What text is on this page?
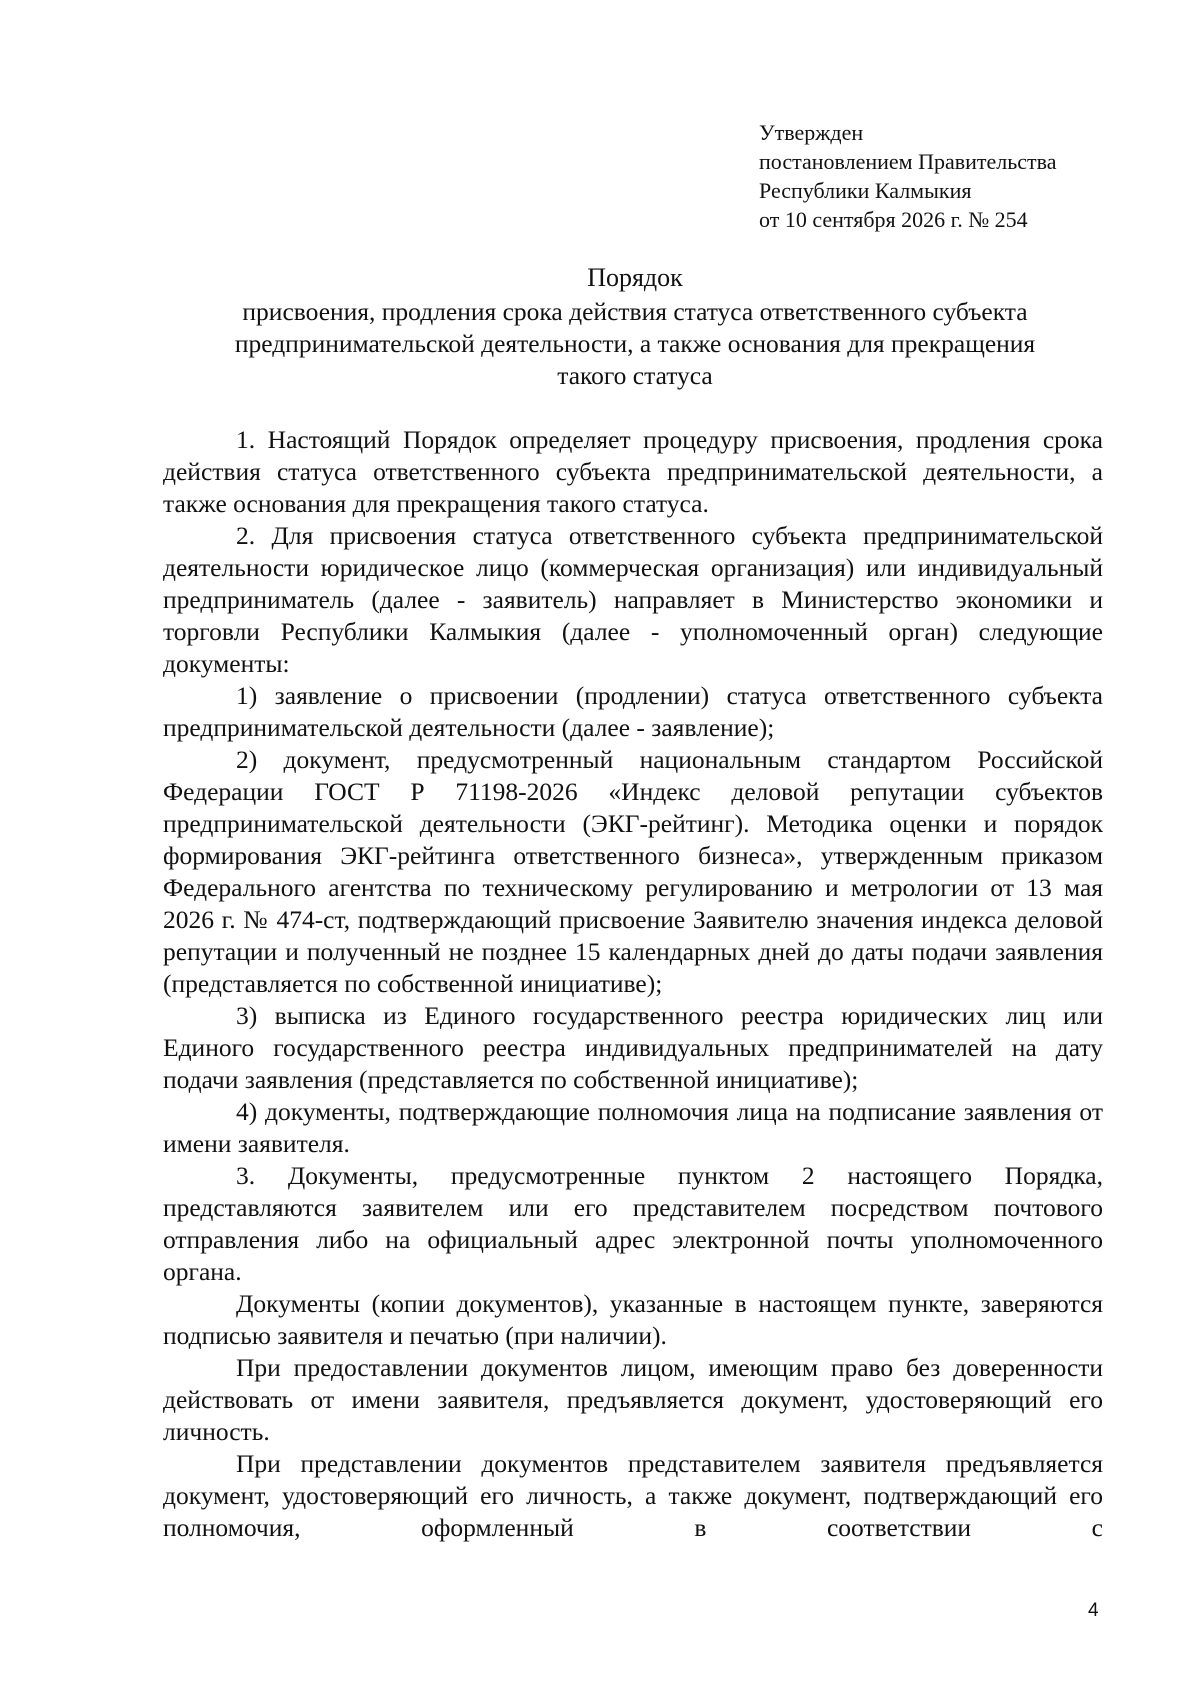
Утвержден
постановлением Правительства
Республики Калмыкия
от 10 сентября 2026 г. № 254
Порядок
присвоения, продления срока действия статуса ответственного субъекта
предпринимательской деятельности, а также основания для прекращения
такого статуса

1. Настоящий Порядок определяет процедуру присвоения, продления срока действия статуса ответственного субъекта предпринимательской деятельности, а также основания для прекращения такого статуса.

2. Для присвоения статуса ответственного субъекта предпринимательской деятельности юридическое лицо (коммерческая организация) или индивидуальный предприниматель (далее - заявитель) направляет в Министерство экономики и торговли Республики Калмыкия (далее - уполномоченный орган) следующие документы:

1) заявление о присвоении (продлении) статуса ответственного субъекта предпринимательской деятельности (далее - заявление);

2) документ, предусмотренный национальным стандартом Российской Федерации ГОСТ Р 71198-2026 «Индекс деловой репутации субъектов предпринимательской деятельности (ЭКГ-рейтинг). Методика оценки и порядок формирования ЭКГ-рейтинга ответственного бизнеса», утвержденным приказом Федерального агентства по техническому регулированию и метрологии от 13 мая 2026 г. № 474-ст, подтверждающий присвоение Заявителю значения индекса деловой репутации и полученный не позднее 15 календарных дней до даты подачи заявления (представляется по собственной инициативе);

3) выписка из Единого государственного реестра юридических лиц или Единого государственного реестра индивидуальных предпринимателей на дату подачи заявления (представляется по собственной инициативе);

4) документы, подтверждающие полномочия лица на подписание заявления от имени заявителя.

3. Документы, предусмотренные пунктом 2 настоящего Порядка, представляются заявителем или его представителем посредством почтового отправления либо на официальный адрес электронной почты уполномоченного органа.

Документы (копии документов), указанные в настоящем пункте, заверяются подписью заявителя и печатью (при наличии).

При предоставлении документов лицом, имеющим право без доверенности действовать от имени заявителя, предъявляется документ, удостоверяющий его личность.

При представлении документов представителем заявителя предъявляется документ, удостоверяющий его личность, а также документ, подтверждающий его полномочия, оформленный в соответствии с

4
